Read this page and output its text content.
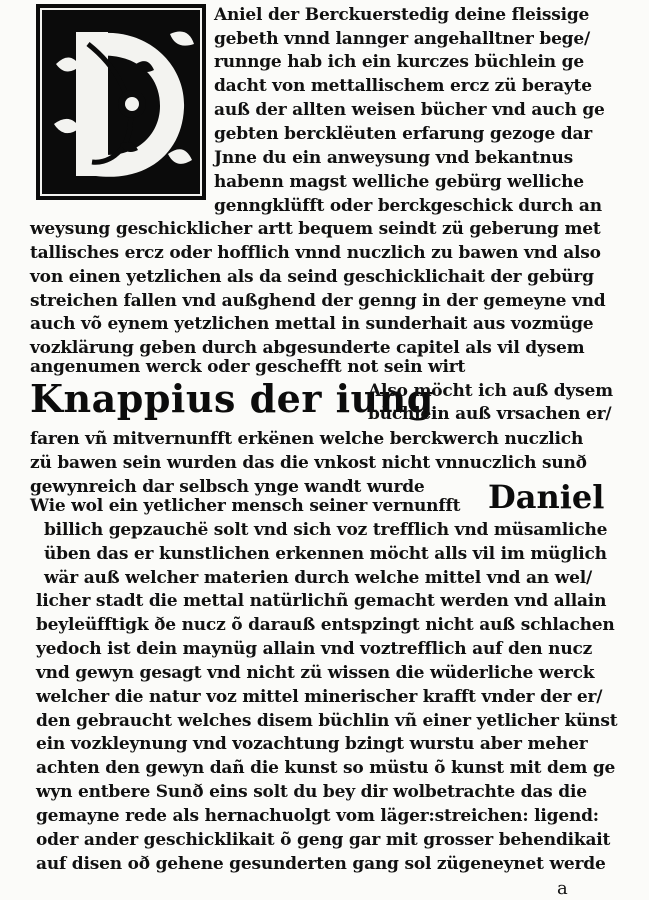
Aniel der Berckuerstedig deine fleissige
gebeth vnnd lannger angehalltner bege/
runnge hab ich ein kurczes büchlein ge
dacht von mettallischem ercz zü berayte
auß der allten weisen bücher vnd auch ge
gebten bercklëuten erfarung gezoge dar
Jnne du ein anweysung vnd bekantnus
habenn magst welliche gebürg welliche
genngklüfft oder berckgeschick durch an
weysung geschicklicher artt bequem seindt zü geberung met
tallisches ercz oder hofflich vnnd nuczlich zu bawen vnd also
von einen yetzlichen als da seind geschicklichait der gebürg
streichen fallen vnd außghend der genng in der gemeyne vnd
auch võ eynem yetzlichen mettal in sunderhait aus vozmüge
vozklärung geben durch abgesunderte capitel als vil dysem
angenumen werck oder geschefft not sein wirt
Knappius der iung
Also möcht ich auß dysem
büchlein auß vrsachen er/
faren vñ mitvernunfft erkënen welche berckwerch nuczlich
zü bawen sein wurden das die vnkost nicht vnnuczlich sunð
gewynreich dar selbsch ynge wandt wurde Daniel
Wie wol ein yetlicher mensch seiner vernunfft
billich gepzauchë solt vnd sich voz trefflich vnd müsamliche
üben das er kunstlichen erkennen möcht alls vil im müglich
wär auß welcher materien durch welche mittel vnd an wel/
licher stadt die mettal natürlichñ gemacht werden vnd allain
beyleüfftigk ðe nucz õ darauß entspzingt nicht auß schlachen
yedoch ist dein maynüg allain vnd voztrefflich auf den nucz
vnd gewyn gesagt vnd nicht zü wissen die wüderliche werck
welcher die natur voz mittel minerischer krafft vnder der er/
den gebraucht welches disem büchlin vñ einer yetlicher künst
ein vozkleynung vnd vozachtung bzingt wurstu aber meher
achten den gewyn dañ die kunst so müstu õ kunst mit dem ge
wyn entbere Sunð eins solt du bey dir wolbetrachte das die
gemayne rede als hernachuolgt vom läger:streichen: ligend:
oder ander geschicklikait õ geng gar mit grosser behendikait
auf disen oð gehene gesunderten gang sol zügeneynet werde
a
